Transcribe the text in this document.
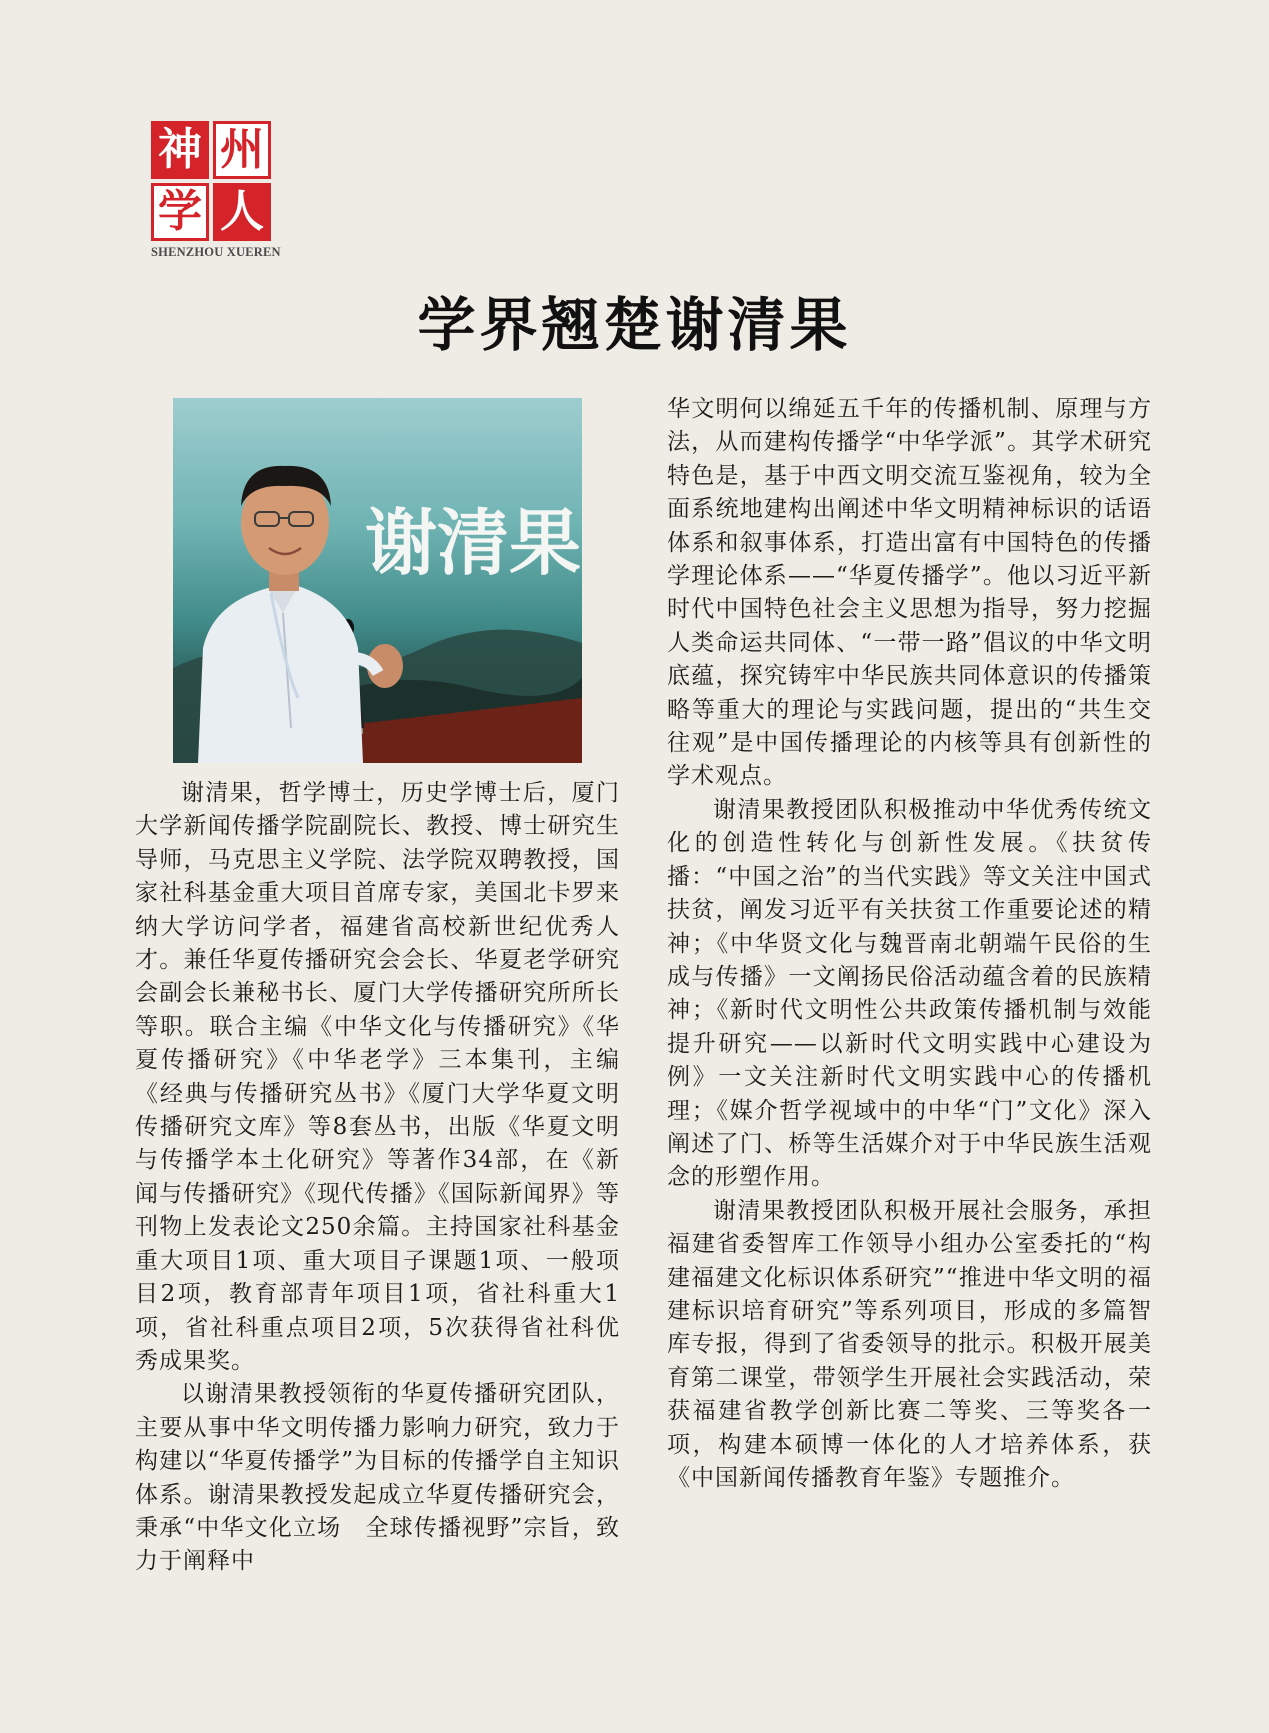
神 州
学 人
SHENZHOU XUEREN
学界翘楚谢清果
谢清果

谢清果，哲学博士，历史学博士后，厦门大学新闻传播学院副院长、教授、博士研究生导师，马克思主义学院、法学院双聘教授，国家社科基金重大项目首席专家，美国北卡罗来纳大学访问学者，福建省高校新世纪优秀人才。兼任华夏传播研究会会长、华夏老学研究会副会长兼秘书长、厦门大学传播研究所所长等职。联合主编《中华文化与传播研究》《华夏传播研究》《中华老学》三本集刊，主编《经典与传播研究丛书》《厦门大学华夏文明传播研究文库》等8套丛书，出版《华夏文明与传播学本土化研究》等著作34部，在《新闻与传播研究》《现代传播》《国际新闻界》等刊物上发表论文250余篇。主持国家社科基金重大项目1项、重大项目子课题1项、一般项目2项，教育部青年项目1项，省社科重大1项，省社科重点项目2项，5次获得省社科优秀成果奖。

以谢清果教授领衔的华夏传播研究团队，主要从事中华文明传播力影响力研究，致力于构建以“华夏传播学”为目标的传播学自主知识体系。谢清果教授发起成立华夏传播研究会，秉承“中华文化立场　全球传播视野”宗旨，致力于阐释中

华文明何以绵延五千年的传播机制、原理与方法，从而建构传播学“中华学派”。其学术研究特色是，基于中西文明交流互鉴视角，较为全面系统地建构出阐述中华文明精神标识的话语体系和叙事体系，打造出富有中国特色的传播学理论体系——“华夏传播学”。他以习近平新时代中国特色社会主义思想为指导，努力挖掘人类命运共同体、“一带一路”倡议的中华文明底蕴，探究铸牢中华民族共同体意识的传播策略等重大的理论与实践问题，提出的“共生交往观”是中国传播理论的内核等具有创新性的学术观点。

谢清果教授团队积极推动中华优秀传统文化的创造性转化与创新性发展。《扶贫传播：“中国之治”的当代实践》等文关注中国式扶贫，阐发习近平有关扶贫工作重要论述的精神；《中华贤文化与魏晋南北朝端午民俗的生成与传播》一文阐扬民俗活动蕴含着的民族精神；《新时代文明性公共政策传播机制与效能提升研究——以新时代文明实践中心建设为例》一文关注新时代文明实践中心的传播机理；《媒介哲学视域中的中华“门”文化》深入阐述了门、桥等生活媒介对于中华民族生活观念的形塑作用。

谢清果教授团队积极开展社会服务，承担福建省委智库工作领导小组办公室委托的“构建福建文化标识体系研究”“推进中华文明的福建标识培育研究”等系列项目，形成的多篇智库专报，得到了省委领导的批示。积极开展美育第二课堂，带领学生开展社会实践活动，荣获福建省教学创新比赛二等奖、三等奖各一项，构建本硕博一体化的人才培养体系，获《中国新闻传播教育年鉴》专题推介。
